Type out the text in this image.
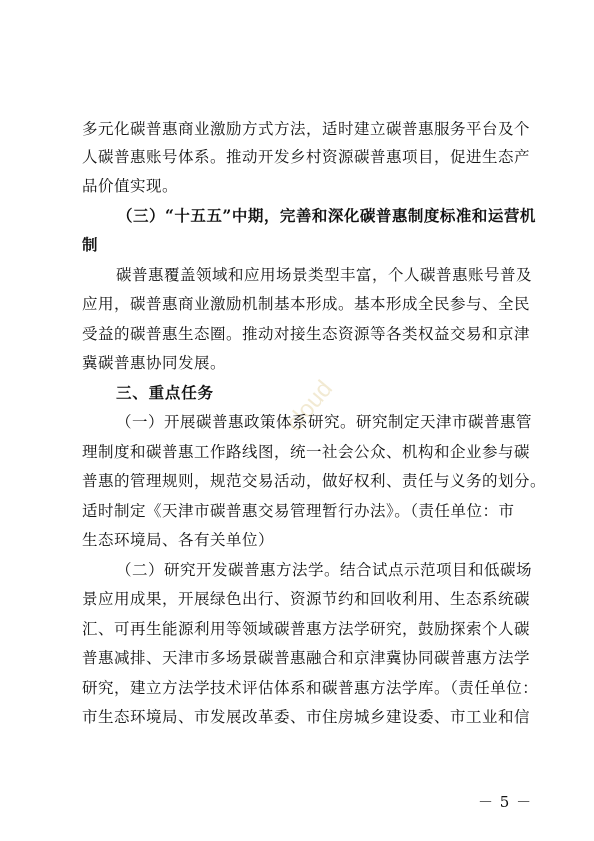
cloud
多元化碳普惠商业激励方式方法，适时建立碳普惠服务平台及个
人碳普惠账号体系。推动开发乡村资源碳普惠项目，促进生态产
品价值实现。
（三）“十五五”中期，完善和深化碳普惠制度标准和运营机
制
碳普惠覆盖领域和应用场景类型丰富，个人碳普惠账号普及
应用，碳普惠商业激励机制基本形成。基本形成全民参与、全民
受益的碳普惠生态圈。推动对接生态资源等各类权益交易和京津
冀碳普惠协同发展。
三、重点任务
（一）开展碳普惠政策体系研究。研究制定天津市碳普惠管
理制度和碳普惠工作路线图，统一社会公众、机构和企业参与碳
普惠的管理规则，规范交易活动，做好权利、责任与义务的划分。
适时制定《天津市碳普惠交易管理暂行办法》。（责任单位：市
生态环境局、各有关单位）
（二）研究开发碳普惠方法学。结合试点示范项目和低碳场
景应用成果，开展绿色出行、资源节约和回收利用、生态系统碳
汇、可再生能源利用等领域碳普惠方法学研究，鼓励探索个人碳
普惠减排、天津市多场景碳普惠融合和京津冀协同碳普惠方法学
研究，建立方法学技术评估体系和碳普惠方法学库。（责任单位：
市生态环境局、市发展改革委、市住房城乡建设委、市工业和信
－ 5 －
